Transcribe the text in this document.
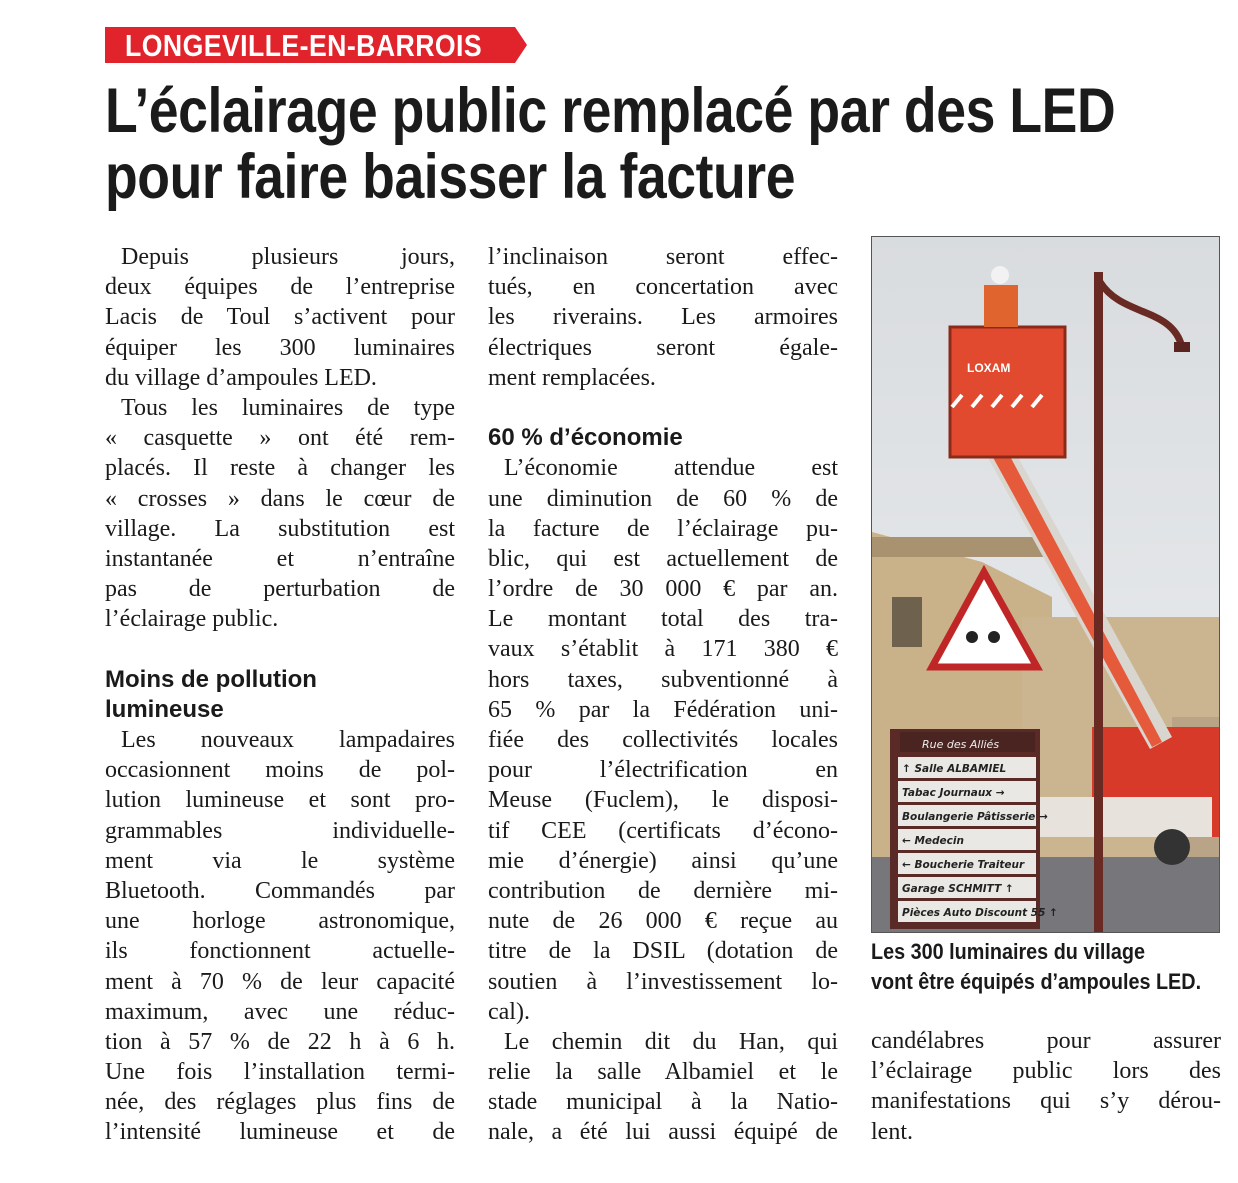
LONGEVILLE-EN-BARROIS
L’éclairage public remplacé par des LED
pour faire baisser la facture
Depuis plusieurs jours,
deux équipes de l’entreprise
Lacis de Toul s’activent pour
équiper les 300 luminaires
du village d’ampoules LED.
Tous les luminaires de type
« casquette » ont été rem-
placés. Il reste à changer les
« crosses » dans le cœur de
village. La substitution est
instantanée et n’entraîne
pas de perturbation de
l’éclairage public.
Moins de pollution
lumineuse
Les nouveaux lampadaires
occasionnent moins de pol-
lution lumineuse et sont pro-
grammables individuelle-
ment via le système
Bluetooth. Commandés par
une horloge astronomique,
ils fonctionnent actuelle-
ment à 70 % de leur capacité
maximum, avec une réduc-
tion à 57 % de 22 h à 6 h.
Une fois l’installation termi-
née, des réglages plus fins de
l’intensité lumineuse et de
l’inclinaison seront effec-
tués, en concertation avec
les riverains. Les armoires
électriques seront égale-
ment remplacées.
60 % d’économie
L’économie attendue est
une diminution de 60 % de
la facture de l’éclairage pu-
blic, qui est actuellement de
l’ordre de 30 000 € par an.
Le montant total des tra-
vaux s’établit à 171 380 €
hors taxes, subventionné à
65 % par la Fédération uni-
fiée des collectivités locales
pour l’électrification en
Meuse (Fuclem), le disposi-
tif CEE (certificats d’écono-
mie d’énergie) ainsi qu’une
contribution de dernière mi-
nute de 26 000 € reçue au
titre de la DSIL (dotation de
soutien à l’investissement lo-
cal).
Le chemin dit du Han, qui
relie la salle Albamiel et le
stade municipal à la Natio-
nale, a été lui aussi équipé de
candélabres pour assurer
l’éclairage public lors des
manifestations qui s’y dérou-
lent.
LOXAM
Rue des Alliés
↑ Salle ALBAMIEL
Tabac Journaux →
Boulangerie Pâtisserie →
← Medecin
← Boucherie Traiteur
Garage SCHMITT ↑
Pièces Auto Discount 55 ↑
Les 300 luminaires du village
vont être équipés d’ampoules LED.
